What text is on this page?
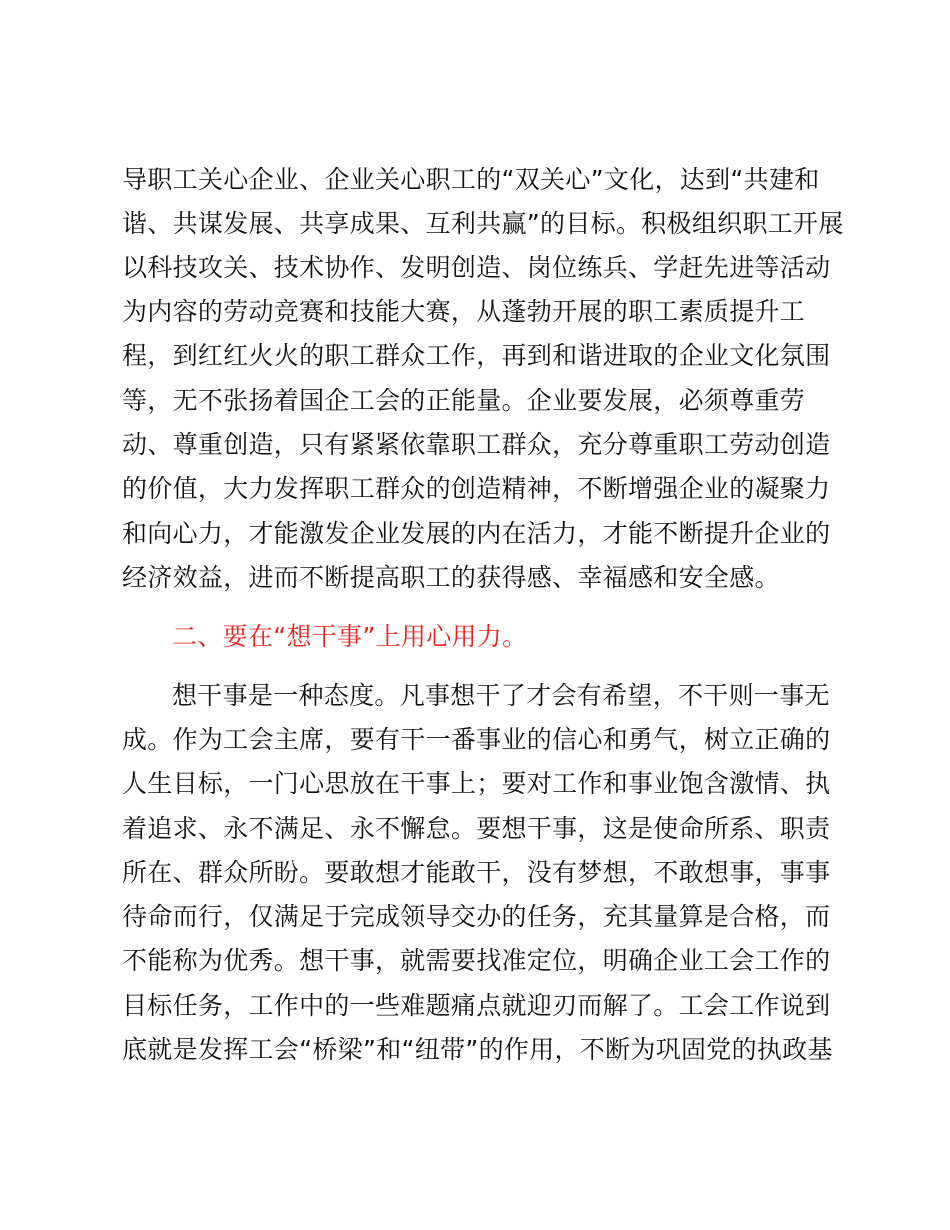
导职工关心企业、企业关心职工的“双关心”文化，达到“共建和
谐、共谋发展、共享成果、互利共赢”的目标。积极组织职工开展
以科技攻关、技术协作、发明创造、岗位练兵、学赶先进等活动
为内容的劳动竞赛和技能大赛，从蓬勃开展的职工素质提升工
程，到红红火火的职工群众工作，再到和谐进取的企业文化氛围
等，无不张扬着国企工会的正能量。企业要发展，必须尊重劳
动、尊重创造，只有紧紧依靠职工群众，充分尊重职工劳动创造
的价值，大力发挥职工群众的创造精神，不断增强企业的凝聚力
和向心力，才能激发企业发展的内在活力，才能不断提升企业的
经济效益，进而不断提高职工的获得感、幸福感和安全感。
二、要在“想干事”上用心用力。
想干事是一种态度。凡事想干了才会有希望，不干则一事无
成。作为工会主席，要有干一番事业的信心和勇气，树立正确的
人生目标，一门心思放在干事上；要对工作和事业饱含激情、执
着追求、永不满足、永不懈怠。要想干事，这是使命所系、职责
所在、群众所盼。要敢想才能敢干，没有梦想，不敢想事，事事
待命而行，仅满足于完成领导交办的任务，充其量算是合格，而
不能称为优秀。想干事，就需要找准定位，明确企业工会工作的
目标任务，工作中的一些难题痛点就迎刃而解了。工会工作说到
底就是发挥工会“桥梁”和“纽带”的作用，不断为巩固党的执政基
